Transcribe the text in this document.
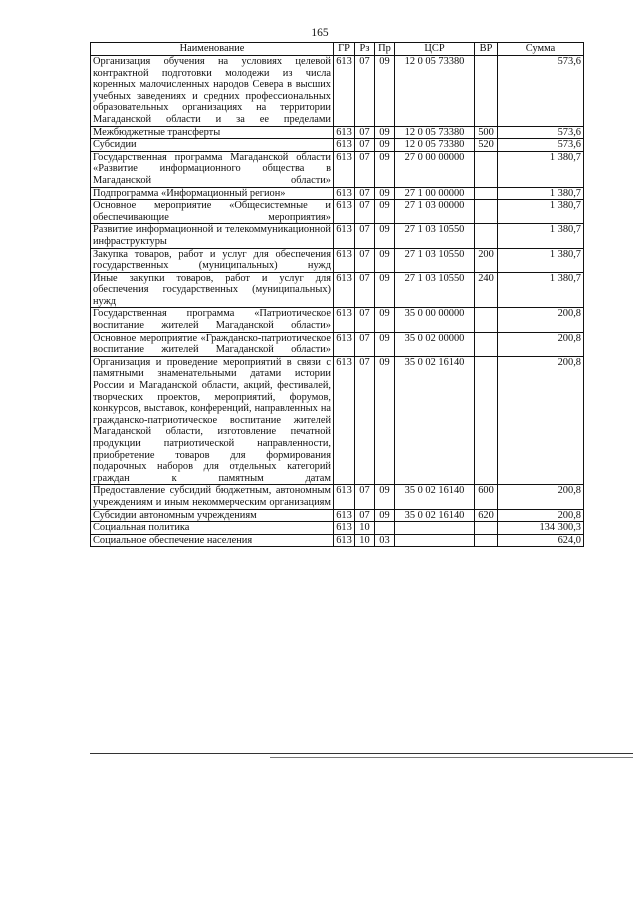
165
Наименование	ГР	Рз	Пр	ЦСР	ВР	Сумма
Организация обучения на условиях целевой контрактной подготовки молодежи из числа коренных малочисленных народов Севера в высших учебных заведениях и средних профессиональных образовательных организациях на территории Магаданской области и за ее пределами	613	07	09	12 0 05 73380		573,6
Межбюджетные трансферты	613	07	09	12 0 05 73380	500	573,6
Субсидии	613	07	09	12 0 05 73380	520	573,6
Государственная программа Магаданской области «Развитие информационного общества в Магаданской области»	613	07	09	27 0 00 00000		1 380,7
Подпрограмма «Информационный регион»	613	07	09	27 1 00 00000		1 380,7
Основное мероприятие «Общесистемные и обеспечивающие мероприятия»	613	07	09	27 1 03 00000		1 380,7
Развитие информационной и телекоммуникационной инфраструктуры	613	07	09	27 1 03 10550		1 380,7
Закупка товаров, работ и услуг для обеспечения государственных (муниципальных) нужд	613	07	09	27 1 03 10550	200	1 380,7
Иные закупки товаров, работ и услуг для обеспечения государственных (муниципальных) нужд	613	07	09	27 1 03 10550	240	1 380,7
Государственная программа «Патриотическое воспитание жителей Магаданской области»	613	07	09	35 0 00 00000		200,8
Основное мероприятие «Гражданско-патриотическое воспитание жителей Магаданской области»	613	07	09	35 0 02 00000		200,8
Организация и проведение мероприятий в связи с памятными знаменательными датами истории России и Магаданской области, акций, фестивалей, творческих проектов, мероприятий, форумов, конкурсов, выставок, конференций, направленных на гражданско-патриотическое воспитание жителей Магаданской области, изготовление печатной продукции патриотической направленности, приобретение товаров для формирования подарочных наборов для отдельных категорий граждан к памятным датам	613	07	09	35 0 02 16140		200,8
Предоставление субсидий бюджетным, автономным учреждениям и иным некоммерческим организациям	613	07	09	35 0 02 16140	600	200,8
Субсидии автономным учреждениям	613	07	09	35 0 02 16140	620	200,8
Социальная политика	613	10				134 300,3
Социальное обеспечение населения	613	10	03			624,0
